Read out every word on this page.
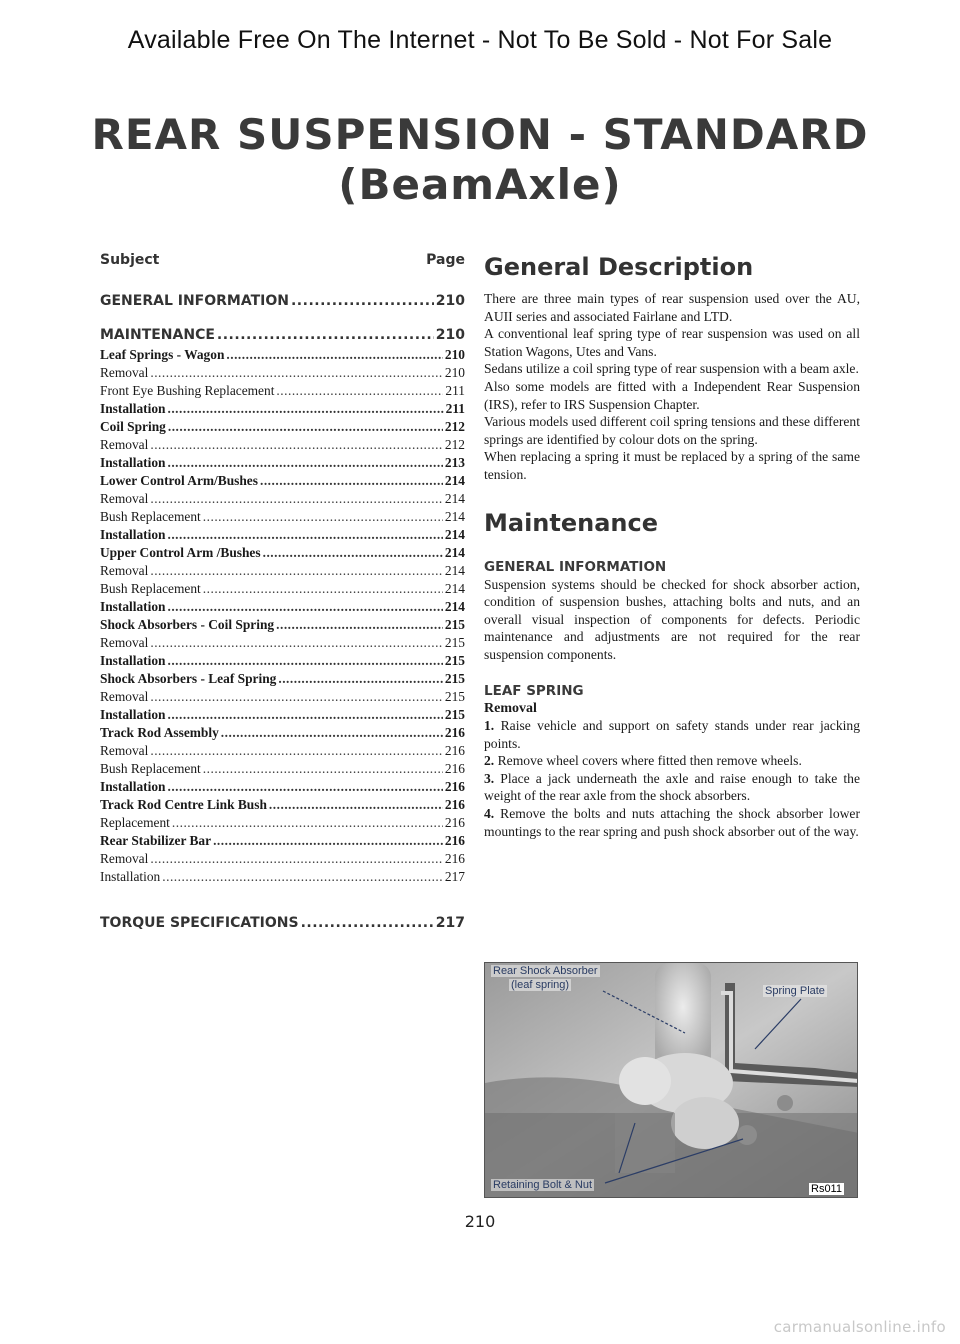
Available Free On The Internet - Not To Be Sold - Not For Sale
REAR SUSPENSION - STANDARD
(BeamAxle)
Subject	Page
GENERAL INFORMATION .....	210
MAINTENANCE .....	210
Leaf Springs - Wagon .....	210
Removal .....	210
Front Eye Bushing Replacement .....	211
Installation .....	211
Coil Spring .....	212
Removal .....	212
Installation .....	213
Lower Control Arm/Bushes .....	214
Removal .....	214
Bush Replacement .....	214
Installation .....	214
Upper Control Arm /Bushes .....	214
Removal .....	214
Bush Replacement .....	214
Installation .....	214
Shock Absorbers - Coil Spring .....	215
Removal .....	215
Installation .....	215
Shock Absorbers - Leaf Spring .....	215
Removal .....	215
Installation .....	215
Track Rod Assembly .....	216
Removal .....	216
Bush Replacement .....	216
Installation .....	216
Track Rod Centre Link Bush .....	216
Replacement .....	216
Rear Stabilizer Bar .....	216
Removal .....	216
Installation .....	217
TORQUE SPECIFICATIONS .....	217
General Description

There are three main types of rear suspension used over the AU, AUII series and associated Fairlane and LTD.

A conventional leaf spring type of rear suspension was used on all Station Wagons, Utes and Vans.

Sedans utilize a coil spring type of rear suspension with a beam axle.

Also some models are fitted with a Independent Rear Suspension (IRS), refer to IRS Suspension Chapter.

Various models used different coil spring tensions and these different springs are identified by colour dots on the spring.

When replacing a spring it must be replaced by a spring of the same tension.

Maintenance
GENERAL INFORMATION

Suspension systems should be checked for shock absorber action, condition of suspension bushes, attaching bolts and nuts, and an overall visual inspection of components for defects. Periodic maintenance and adjustments are not required for the rear suspension components.

LEAF SPRING
Removal

1. Raise vehicle and support on safety stands under rear jacking points.

2. Remove wheel covers where fitted then remove wheels.

3. Place a jack underneath the axle and raise enough to take the weight of the rear axle from the shock absorbers.

4. Remove the bolts and nuts attaching the shock absorber lower mountings to the rear spring and push shock absorber out of the way.

Rear Shock Absorber
(leaf spring)	Spring Plate
Retaining Bolt & Nut	Rs011
210
carmanualsonline.info
